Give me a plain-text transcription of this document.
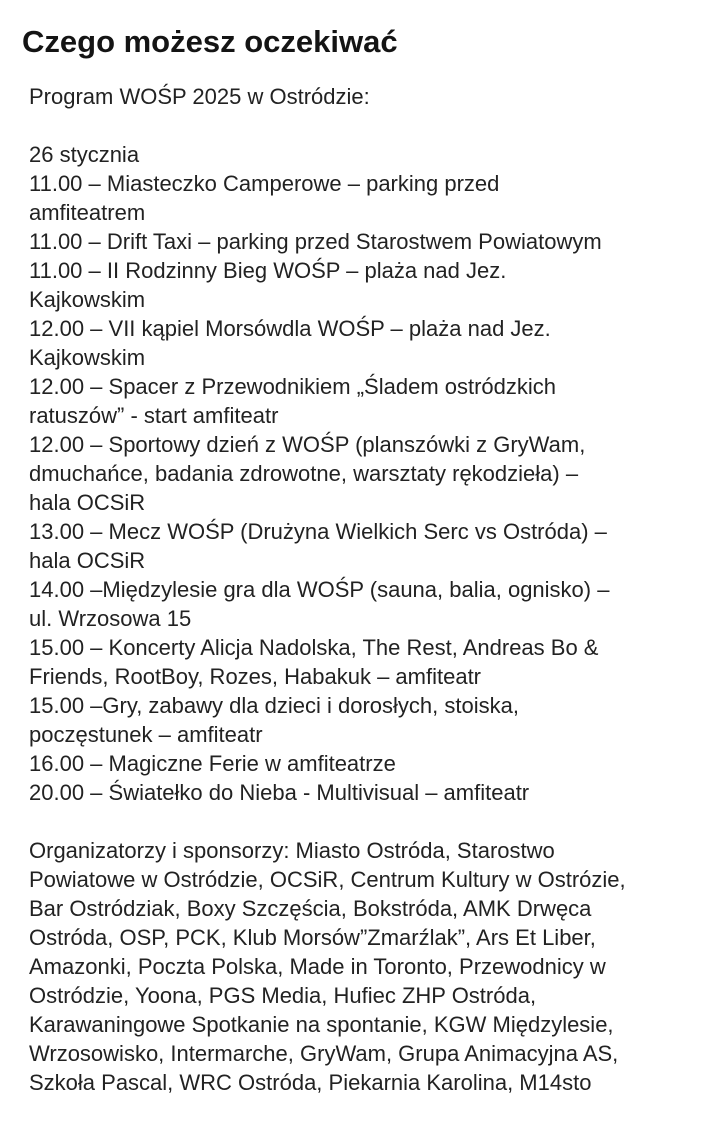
Czego możesz oczekiwać
Program WOŚP 2025 w Ostródzie:
26 stycznia
11.00 – Miasteczko Camperowe – parking przed
amfiteatrem
11.00 – Drift Taxi – parking przed Starostwem Powiatowym
11.00 – II Rodzinny Bieg WOŚP – plaża nad Jez.
Kajkowskim
12.00 – VII kąpiel Morsówdla WOŚP – plaża nad Jez.
Kajkowskim
12.00 – Spacer z Przewodnikiem „Śladem ostródzkich
ratuszów” - start amfiteatr
12.00 – Sportowy dzień z WOŚP (planszówki z GryWam,
dmuchańce, badania zdrowotne, warsztaty rękodzieła) –
hala OCSiR
13.00 – Mecz WOŚP (Drużyna Wielkich Serc vs Ostróda) –
hala OCSiR
14.00 –Międzylesie gra dla WOŚP (sauna, balia, ognisko) –
ul. Wrzosowa 15
15.00 – Koncerty Alicja Nadolska, The Rest, Andreas Bo &
Friends, RootBoy, Rozes, Habakuk – amfiteatr
15.00 –Gry, zabawy dla dzieci i dorosłych, stoiska,
poczęstunek – amfiteatr
16.00 – Magiczne Ferie w amfiteatrze
20.00 – Światełko do Nieba - Multivisual – amfiteatr
Organizatorzy i sponsorzy: Miasto Ostróda, Starostwo
Powiatowe w Ostródzie, OCSiR, Centrum Kultury w Ostrózie,
Bar Ostródziak, Boxy Szczęścia, Bokstróda, AMK Drwęca
Ostróda, OSP, PCK, Klub Morsów”Zmarźlak”, Ars Et Liber,
Amazonki, Poczta Polska, Made in Toronto, Przewodnicy w
Ostródzie, Yoona, PGS Media, Hufiec ZHP Ostróda,
Karawaningowe Spotkanie na spontanie, KGW Międzylesie,
Wrzosowisko, Intermarche, GryWam, Grupa Animacyjna AS,
Szkoła Pascal, WRC Ostróda, Piekarnia Karolina, M14sto
